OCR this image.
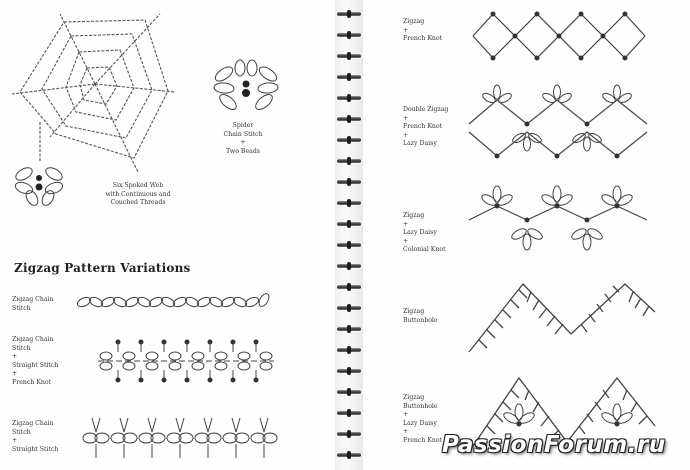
Spider
Chain Stitch
+
Two Beads
Six Spoked Web
with Continuous and
Couched Threads
Zigzag Pattern Variations
Zigzag Chain
Stitch
Zigzag Chain
Stitch
+
Straight Stitch
+
French Knot
Zigzag Chain
Stitch
+
Straight Stitch
Zigzag
+
French Knot
Double Zigzag
+
French Knot
+
Lazy Daisy
Zigzag
+
Lazy Daisy
+
Colonial Knot
Zigzag
Buttonhole
Zigzag
Buttonhole
+
Lazy Daisy
+
French Knot PassionForum.ru
